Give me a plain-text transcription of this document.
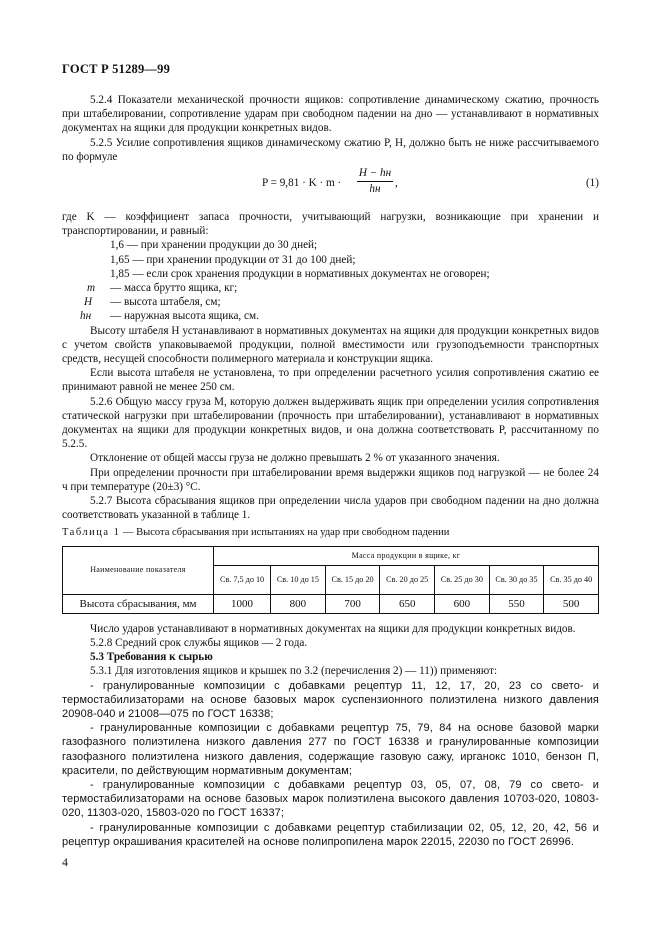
ГОСТ Р 51289—99

5.2.4 Показатели механической прочности ящиков: сопротивление динамическому сжатию, прочность при штабелировании, сопротивление ударам при свободном падении на дно — устанавливают в нормативных документах на ящики для продукции конкретных видов.

5.2.5 Усилие сопротивления ящиков динамическому сжатию P, Н, должно быть не ниже рассчитываемого по формуле

P = 9,81 · K · m ·
H − hн
hн
,	(1)

где K — коэффициент запаса прочности, учитывающий нагрузки, возникающие при хранении и транспортировании, и равный:

1,6 — при хранении продукции до 30 дней;

1,65 — при хранении продукции от 31 до 100 дней;

1,85 — если срок хранения продукции в нормативных документах не оговорен;

m	— масса брутто ящика, кг;
H	— высота штабеля, см;
hн	— наружная высота ящика, см.

Высоту штабеля H устанавливают в нормативных документах на ящики для продукции конкретных видов с учетом свойств упаковываемой продукции, полной вместимости или грузоподъемности транспортных средств, несущей способности полимерного материала и конструкции ящика.

Если высота штабеля не установлена, то при определении расчетного усилия сопротивления сжатию ее принимают равной не менее 250 см.

5.2.6 Общую массу груза M, которую должен выдерживать ящик при определении усилия сопротивления статической нагрузки при штабелировании (прочность при штабелировании), устанавливают в нормативных документах на ящики для продукции конкретных видов, и она должна соответствовать P, рассчитанному по 5.2.5.

Отклонение от общей массы груза не должно превышать 2 % от указанного значения.

При определении прочности при штабелировании время выдержки ящиков под нагрузкой — не более 24 ч при температуре (20±3) °C.

5.2.7 Высота сбрасывания ящиков при определении числа ударов при свободном падении на дно должна соответствовать указанной в таблице 1.

Таблица 1 — Высота сбрасывания при испытаниях на удар при свободном падении
Наименование показателя	Масса продукции в ящике, кг						
	Св. 7,5 до 10	Св. 10 до 15	Св. 15 до 20	Св. 20 до 25	Св. 25 до 30	Св. 30 до 35	Св. 35 до 40
Высота сбрасывания, мм	1000	800	700	650	600	550	500

Число ударов устанавливают в нормативных документах на ящики для продукции конкретных видов.

5.2.8 Средний срок службы ящиков — 2 года.

5.3 Требования к сырью

5.3.1 Для изготовления ящиков и крышек по 3.2 (перечисления 2) — 11)) применяют:

- гранулированные композиции с добавками рецептур 11, 12, 17, 20, 23 со свето- и термостабилизаторами на основе базовых марок суспензионного полиэтилена низкого давления 20908-040 и 21008—075 по ГОСТ 16338;

- гранулированные композиции с добавками рецептур 75, 79, 84 на основе базовой марки газофазного полиэтилена низкого давления 277 по ГОСТ 16338 и гранулированные композиции газофазного полиэтилена низкого давления, содержащие газовую сажу, ирганокс 1010, бензон П, красители, по действующим нормативным документам;

- гранулированные композиции с добавками рецептур 03, 05, 07, 08, 79 со свето- и термостабилизаторами на основе базовых марок полиэтилена высокого давления 10703-020, 10803-020, 11303-020, 15803-020 по ГОСТ 16337;

- гранулированные композиции с добавками рецептур стабилизации 02, 05, 12, 20, 42, 56 и рецептур окрашивания красителей на основе полипропилена марок 22015, 22030 по ГОСТ 26996.

4
